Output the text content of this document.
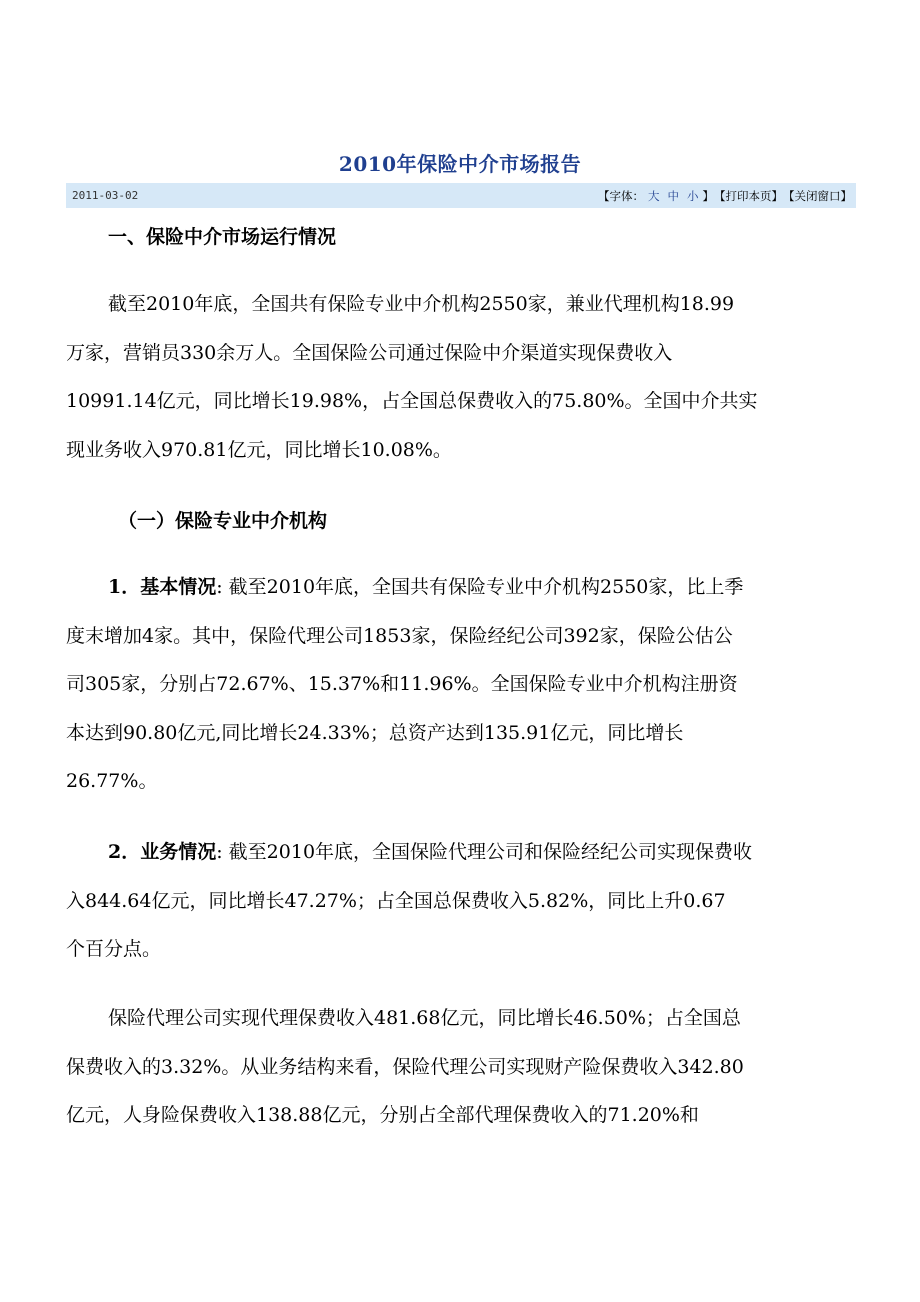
2010年保险中介市场报告
2011-03-02	【字体： 大 中 小 】【打印本页】【关闭窗口】
一、保险中介市场运行情况

截至2010年底，全国共有保险专业中介机构2550家，兼业代理机构18.99
万家，营销员330余万人。全国保险公司通过保险中介渠道实现保费收入
10991.14亿元，同比增长19.98%，占全国总保费收入的75.80%。全国中介共实
现业务收入970.81亿元，同比增长10.08%。

（一）保险专业中介机构

1．基本情况: 截至2010年底，全国共有保险专业中介机构2550家，比上季
度末增加4家。其中，保险代理公司1853家，保险经纪公司392家，保险公估公
司305家，分别占72.67%、15.37%和11.96%。全国保险专业中介机构注册资
本达到90.80亿元,同比增长24.33%；总资产达到135.91亿元，同比增长
26.77%。

2．业务情况: 截至2010年底，全国保险代理公司和保险经纪公司实现保费收
入844.64亿元，同比增长47.27%；占全国总保费收入5.82%，同比上升0.67
个百分点。

保险代理公司实现代理保费收入481.68亿元，同比增长46.50%；占全国总
保费收入的3.32%。从业务结构来看，保险代理公司实现财产险保费收入342.80
亿元，人身险保费收入138.88亿元，分别占全部代理保费收入的71.20%和
